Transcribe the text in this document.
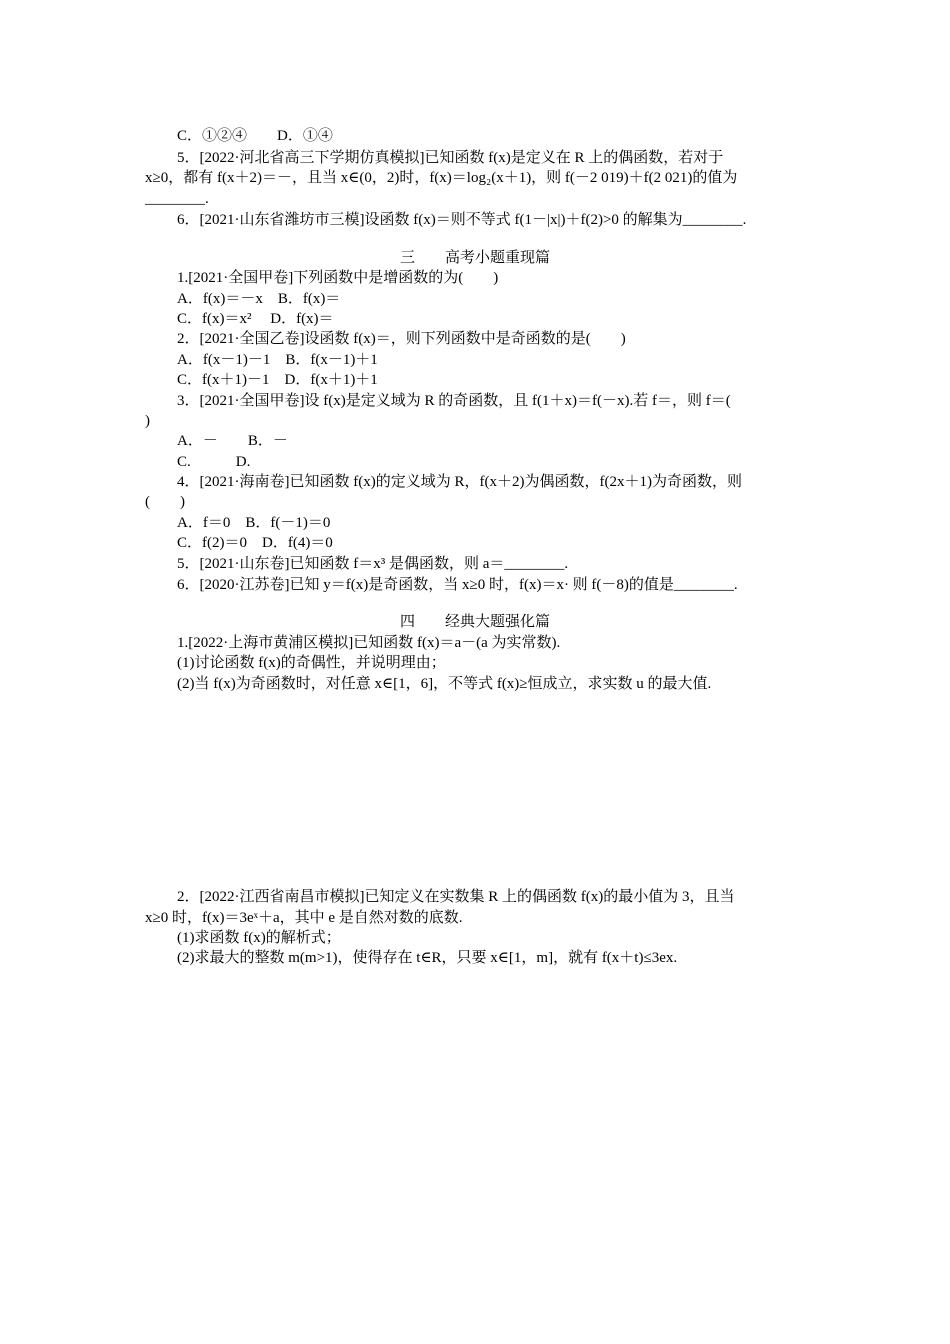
C．①②④　　D．①④
5．[2022·河北省高三下学期仿真模拟]已知函数 f(x)是定义在 R 上的偶函数，若对于
x≥0，都有 f(x＋2)＝－，且当 x∈(0，2)时，f(x)＝log₂(x＋1)，则 f(－2 019)＋f(2 021)的值为
________.
6．[2021·山东省潍坊市三模]设函数 f(x)＝则不等式 f(1－|x|)＋f(2)>0 的解集为________.
三　　高考小题重现篇
1.[2021·全国甲卷]下列函数中是增函数的为(　　)
A．f(x)＝－x　B．f(x)＝
C．f(x)＝x²　 D．f(x)＝
2．[2021·全国乙卷]设函数 f(x)＝，则下列函数中是奇函数的是(　　)
A．f(x－1)－1　B．f(x－1)＋1
C．f(x＋1)－1　D．f(x＋1)＋1
3．[2021·全国甲卷]设 f(x)是定义域为 R 的奇函数，且 f(1＋x)＝f(－x).若 f＝，则 f＝(
)
A．－　　B．－
C.　　　D.
4．[2021·海南卷]已知函数 f(x)的定义域为 R，f(x＋2)为偶函数，f(2x＋1)为奇函数，则
(　　)
A．f＝0　B．f(－1)＝0
C．f(2)＝0　D．f(4)＝0
5．[2021·山东卷]已知函数 f＝x³ 是偶函数，则 a＝________.
6．[2020·江苏卷]已知 y＝f(x)是奇函数，当 x≥0 时，f(x)＝x· 则 f(－8)的值是________.
四　　经典大题强化篇
1.[2022·上海市黄浦区模拟]已知函数 f(x)＝a－(a 为实常数).
(1)讨论函数 f(x)的奇偶性，并说明理由；
(2)当 f(x)为奇函数时，对任意 x∈[1，6]，不等式 f(x)≥恒成立，求实数 u 的最大值.
2．[2022·江西省南昌市模拟]已知定义在实数集 R 上的偶函数 f(x)的最小值为 3，且当
x≥0 时，f(x)＝3eˣ＋a，其中 e 是自然对数的底数.
(1)求函数 f(x)的解析式；
(2)求最大的整数 m(m>1)，使得存在 t∈R，只要 x∈[1，m]，就有 f(x＋t)≤3ex.
